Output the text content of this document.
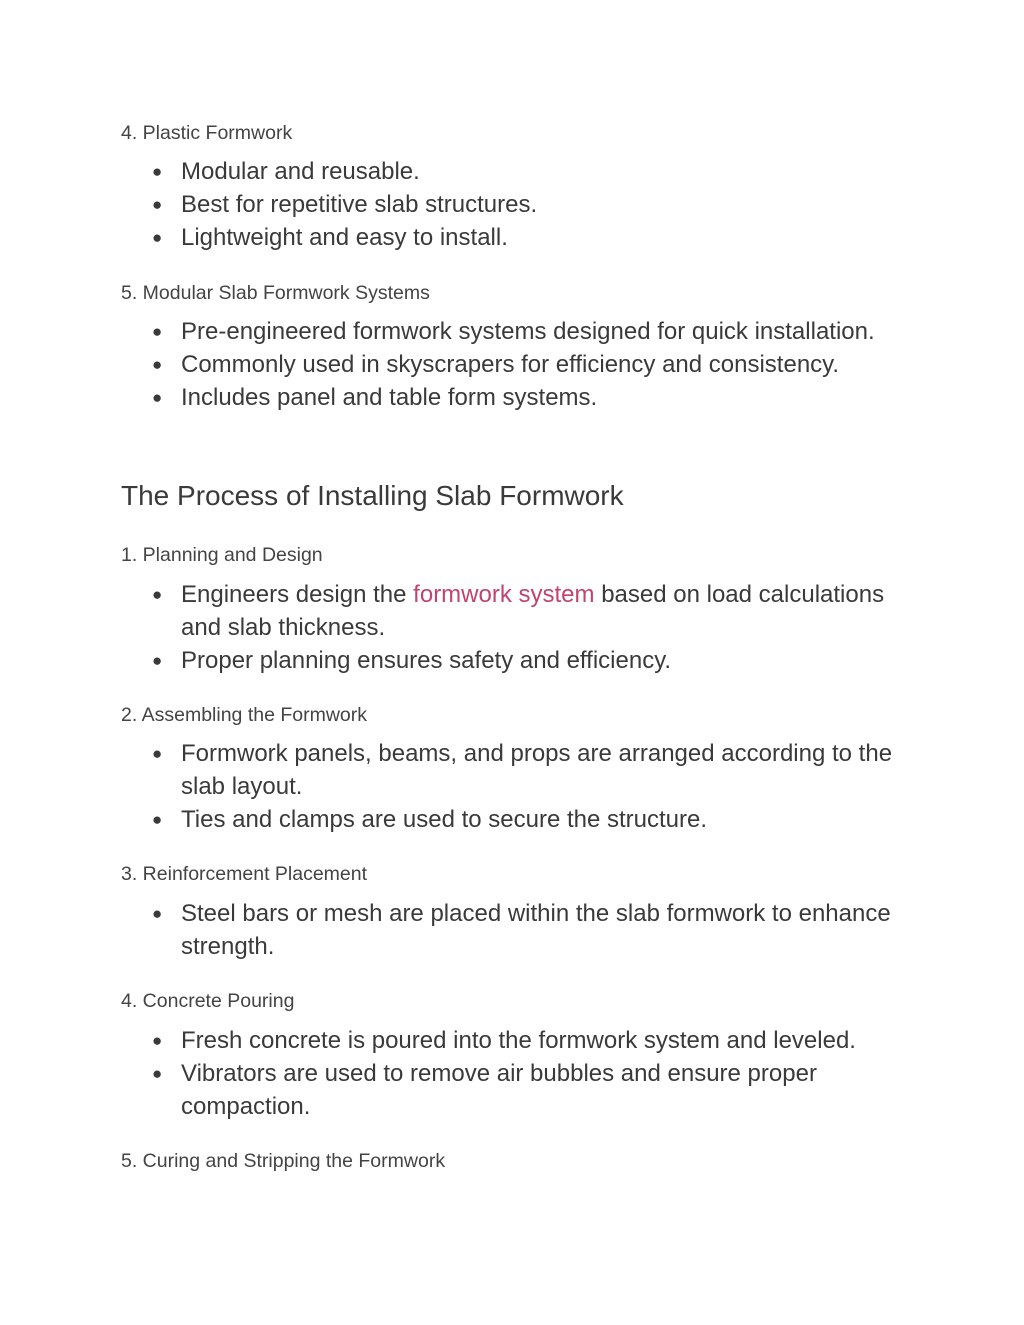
4. Plastic Formwork
● Modular and reusable.
● Best for repetitive slab structures.
● Lightweight and easy to install.
5. Modular Slab Formwork Systems
● Pre-engineered formwork systems designed for quick installation.
● Commonly used in skyscrapers for efficiency and consistency.
● Includes panel and table form systems.
The Process of Installing Slab Formwork
1. Planning and Design
● Engineers design the formwork system based on load calculations and slab thickness.
● Proper planning ensures safety and efficiency.
2. Assembling the Formwork
● Formwork panels, beams, and props are arranged according to the slab layout.
● Ties and clamps are used to secure the structure.
3. Reinforcement Placement
● Steel bars or mesh are placed within the slab formwork to enhance strength.
4. Concrete Pouring
● Fresh concrete is poured into the formwork system and leveled.
● Vibrators are used to remove air bubbles and ensure proper compaction.
5. Curing and Stripping the Formwork
